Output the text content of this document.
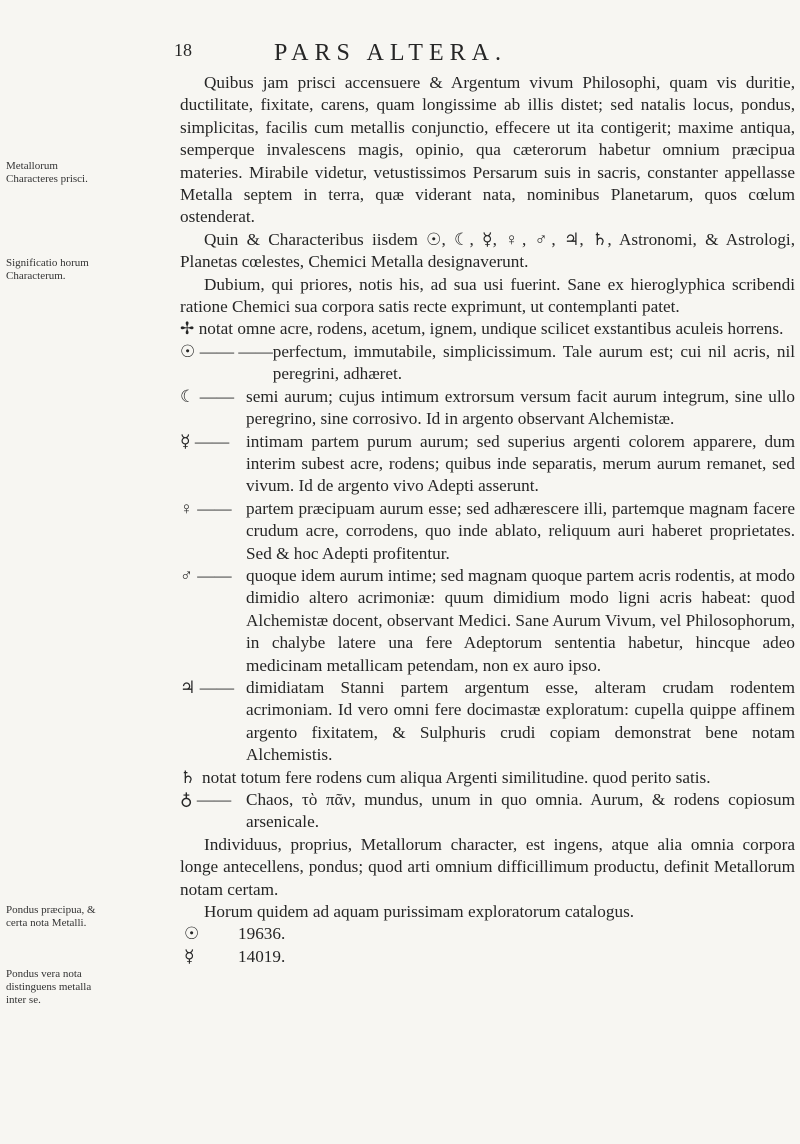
18	PARS ALTERA.
Metallorum Characteres prisci.
Significatio horum Characterum.
Pondus præcipua, & certa nota Metalli.
Pondus vera nota distinguens metalla inter se.

Quibus jam prisci accensuere & Argentum vivum Philosophi, quam vis duritie, ductilitate, fixitate, carens, quam longissime ab illis distet; sed natalis locus, pondus, simplicitas, facilis cum metallis conjunctio, effecere ut ita contigerit; maxime antiqua, semperque invalescens magis, opinio, qua cæterorum habetur omnium præcipua materies. Mirabile videtur, vetustissimos Persarum suis in sacris, constanter appellasse Metalla septem in terra, quæ viderant nata, nominibus Planetarum, quos cœlum ostenderat.

Quin & Characteribus iisdem ☉, ☾, ☿, ♀, ♂, ♃, ♄, Astronomi, & Astrologi, Planetas cœlestes, Chemici Metalla designaverunt.

Dubium, qui priores, notis his, ad sua usi fuerint. Sane ex hieroglyphica scribendi ratione Chemici sua corpora satis recte exprimunt, ut contemplanti patet.

✢ notat omne acre, rodens, acetum, ignem, undique scilicet exstantibus aculeis horrens.

☉ —— —— perfectum, immutabile, simplicissimum. Tale aurum est; cui nil acris, nil peregrini, adhæret.
☾ —— semi aurum; cujus intimum extrorsum versum facit aurum integrum, sine ullo peregrino, sine corrosivo. Id in argento observant Alchemistæ.
☿ —— intimam partem purum aurum; sed superius argenti colorem apparere, dum interim subest acre, rodens; quibus inde separatis, merum aurum remanet, sed vivum. Id de argento vivo Adepti asserunt.
♀ —— partem præcipuam aurum esse; sed adhærescere illi, partemque magnam facere crudum acre, corrodens, quo inde ablato, reliquum auri haberet proprietates. Sed & hoc Adepti profitentur.
♂ —— quoque idem aurum intime; sed magnam quoque partem acris rodentis, at modo dimidio altero acrimoniæ: quum dimidium modo ligni acris habeat: quod Alchemistæ docent, observant Medici. Sane Aurum Vivum, vel Philosophorum, in chalybe latere una fere Adeptorum sententia habetur, hincque adeo medicinam metallicam petendam, non ex auro ipso.
♃ —— dimidiatam Stanni partem argentum esse, alteram crudam rodentem acrimoniam. Id vero omni fere docimastæ exploratum: cupella quippe affinem argento fixitatem, & Sulphuris crudi copiam demonstrat bene notam Alchemistis.
♄ notat totum fere rodens cum aliqua Argenti similitudine. quod perito satis.
♁ —— Chaos, τὸ πᾶν, mundus, unum in quo omnia. Aurum, & rodens copiosum arsenicale.

Individuus, proprius, Metallorum character, est ingens, atque alia omnia corpora longe antecellens, pondus; quod arti omnium difficillimum productu, definit Metallorum notam certam.

Horum quidem ad aquam purissimam exploratorum catalogus.

☉	19636.
☿	14019.
